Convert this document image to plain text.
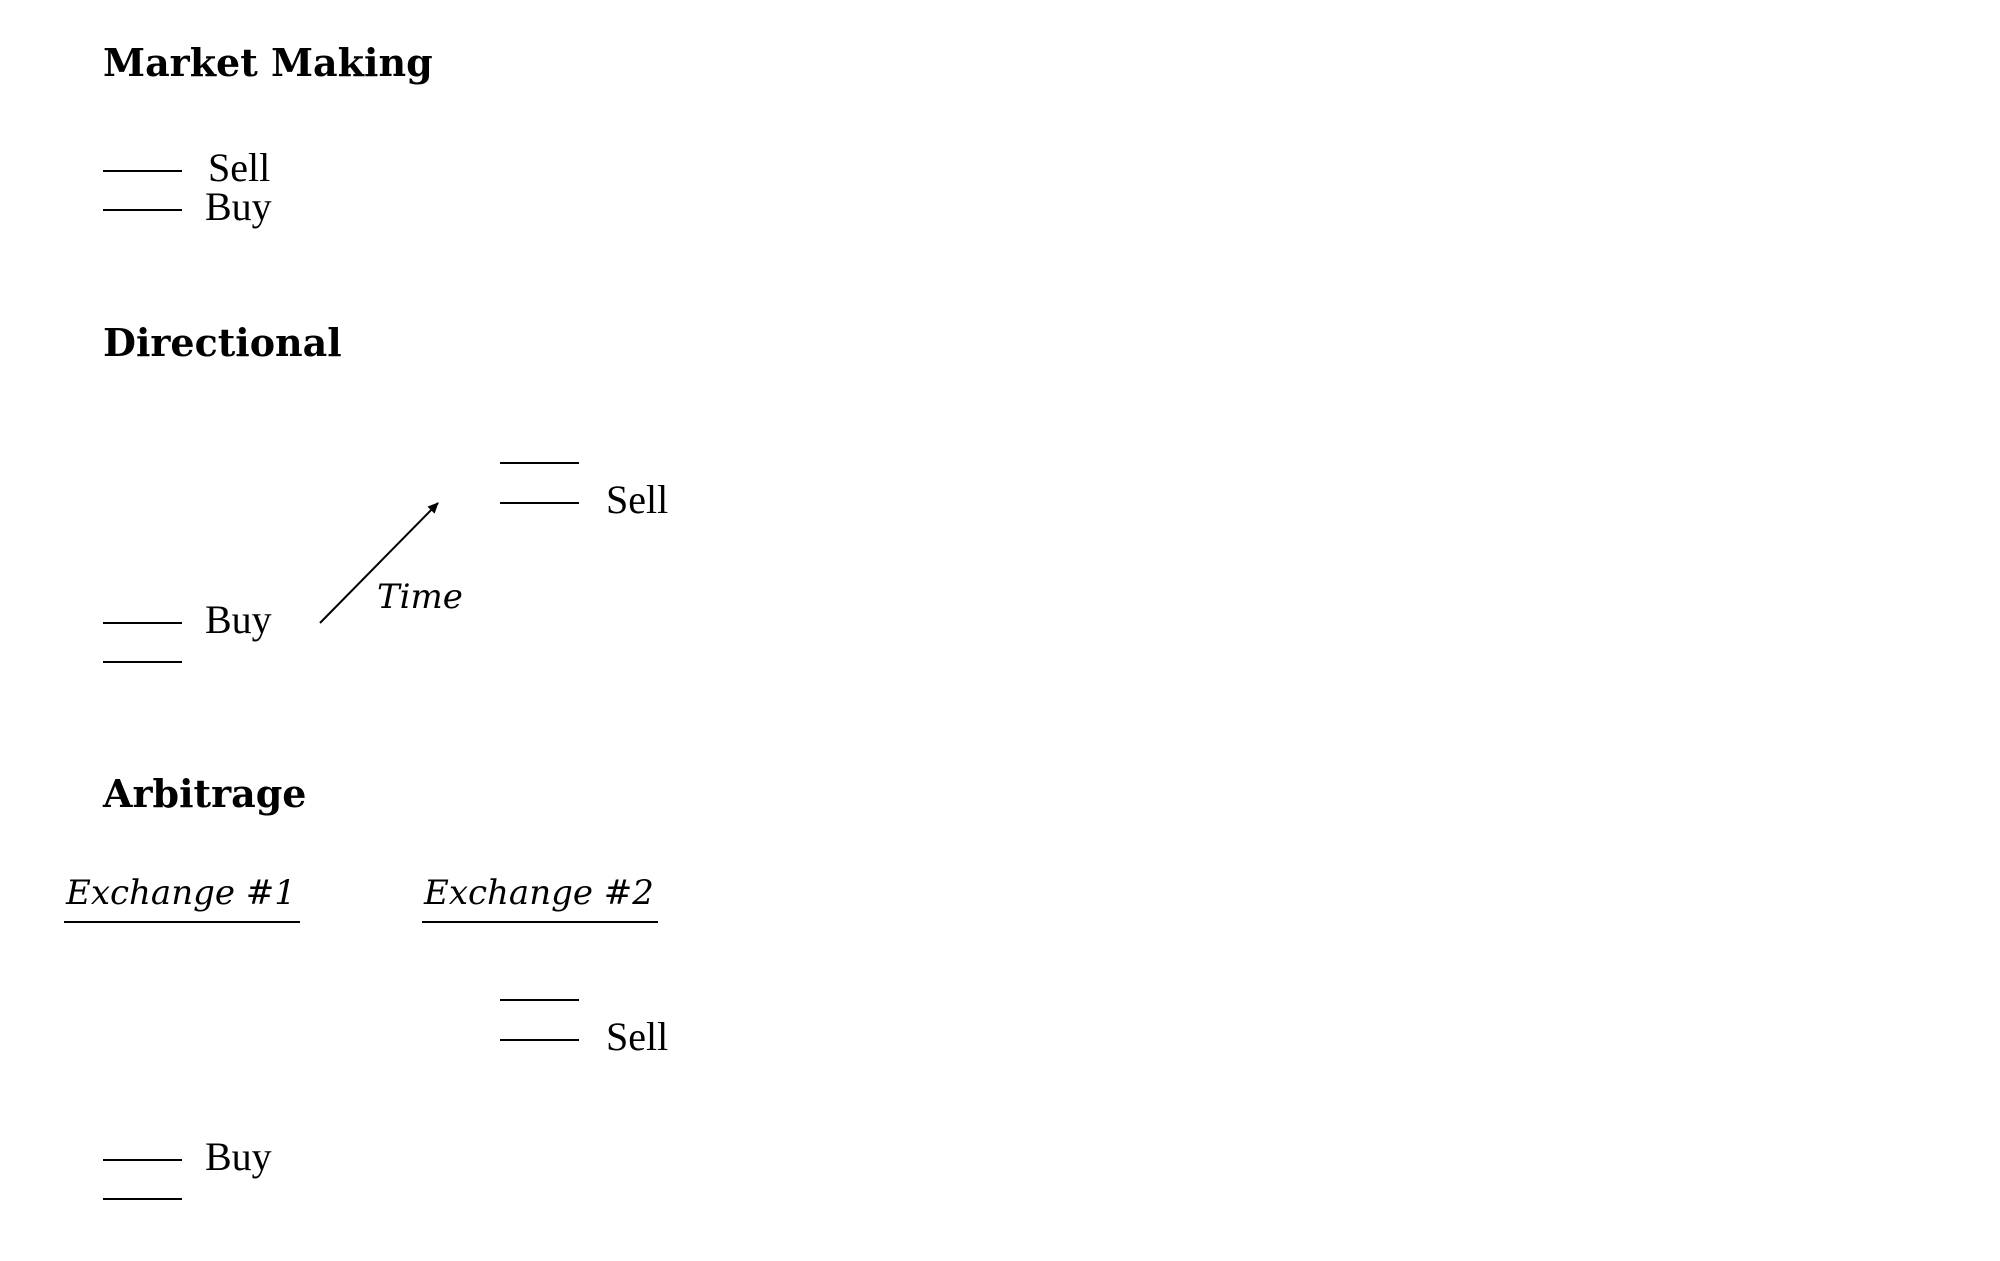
Market Making
Sell
Buy
Directional
Sell
Buy	Time
Arbitrage
Exchange #1	Exchange #2
Sell
Buy
